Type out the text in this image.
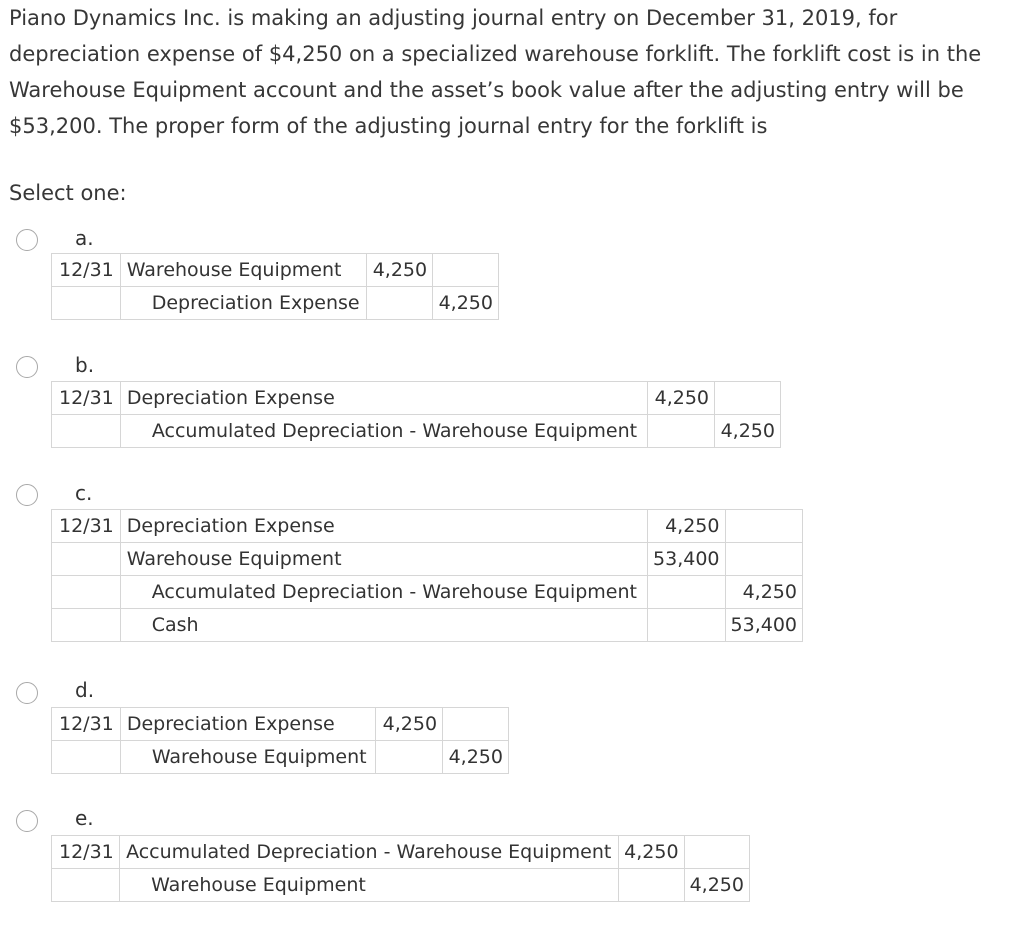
Piano Dynamics Inc. is making an adjusting journal entry on December 31, 2019, for depreciation expense of $4,250 on a specialized warehouse forklift. The forklift cost is in the Warehouse Equipment account and the asset’s book value after the adjusting entry will be $53,200. The proper form of the adjusting journal entry for the forklift is

Select one:
a.
12/31	Warehouse Equipment	4,250	
	Depreciation Expense		4,250
b.
12/31	Depreciation Expense	4,250	
	Accumulated Depreciation - Warehouse Equipment		4,250
c.
12/31	Depreciation Expense	4,250	
	Warehouse Equipment	53,400	
	Accumulated Depreciation - Warehouse Equipment		4,250
	Cash		53,400
d.
12/31	Depreciation Expense	4,250	
	Warehouse Equipment		4,250
e.
12/31	Accumulated Depreciation - Warehouse Equipment	4,250	
	Warehouse Equipment		4,250
